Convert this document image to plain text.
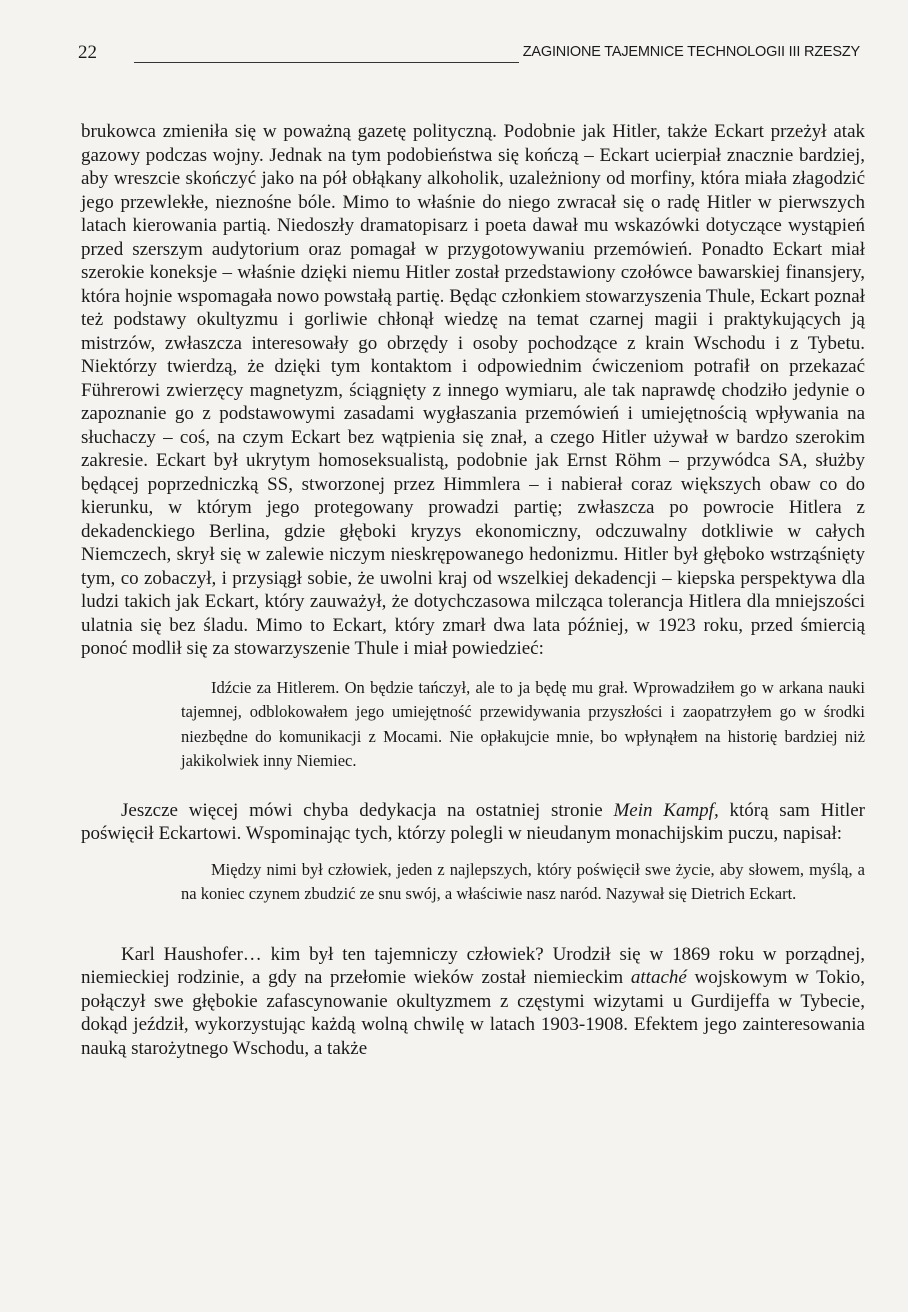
22	ZAGINIONE TAJEMNICE TECHNOLOGII III RZESZY

brukowca zmieniła się w poważną gazetę polityczną. Podobnie jak Hitler, także Eckart przeżył atak gazowy podczas wojny. Jednak na tym podobieństwa się kończą – Eckart ucierpiał znacznie bardziej, aby wreszcie skończyć jako na pół obłąkany alkoholik, uzależniony od morfiny, która miała złagodzić jego przewlekłe, nieznośne bóle. Mimo to właśnie do niego zwracał się o radę Hitler w pierwszych latach kierowania partią. Niedoszły dramatopisarz i poeta dawał mu wskazówki dotyczące wystąpień przed szerszym audytorium oraz pomagał w przygotowywaniu przemówień. Ponadto Eckart miał szerokie koneksje – właśnie dzięki niemu Hitler został przedstawiony czołówce bawarskiej finansjery, która hojnie wspomagała nowo powstałą partię. Będąc członkiem stowarzyszenia Thule, Eckart poznał też podstawy okultyzmu i gorliwie chłonął wiedzę na temat czarnej magii i praktykujących ją mistrzów, zwłaszcza interesowały go obrzędy i osoby pochodzące z krain Wschodu i z Tybetu. Niektórzy twierdzą, że dzięki tym kontaktom i odpowiednim ćwiczeniom potrafił on przekazać Führerowi zwierzęcy magnetyzm, ściągnięty z innego wymiaru, ale tak naprawdę chodziło jedynie o zapoznanie go z podstawowymi zasadami wygłaszania przemówień i umiejętnością wpływania na słuchaczy – coś, na czym Eckart bez wątpienia się znał, a czego Hitler używał w bardzo szerokim zakresie. Eckart był ukrytym homoseksualistą, podobnie jak Ernst Röhm – przywódca SA, służby będącej poprzedniczką SS, stworzonej przez Himmlera – i nabierał coraz większych obaw co do kierunku, w którym jego protegowany prowadzi partię; zwłaszcza po powrocie Hitlera z dekadenckiego Berlina, gdzie głęboki kryzys ekonomiczny, odczuwalny dotkliwie w całych Niemczech, skrył się w zalewie niczym nieskrępowanego hedonizmu. Hitler był głęboko wstrząśnięty tym, co zobaczył, i przysiągł sobie, że uwolni kraj od wszelkiej dekadencji – kiepska perspektywa dla ludzi takich jak Eckart, który zauważył, że dotychczasowa milcząca tolerancja Hitlera dla mniejszości ulatnia się bez śladu. Mimo to Eckart, który zmarł dwa lata później, w 1923 roku, przed śmiercią ponoć modlił się za stowarzyszenie Thule i miał powiedzieć:

Idźcie za Hitlerem. On będzie tańczył, ale to ja będę mu grał. Wprowadziłem go w arkana nauki tajemnej, odblokowałem jego umiejętność przewidywania przyszłości i zaopatrzyłem go w środki niezbędne do komunikacji z Mocami. Nie opłakujcie mnie, bo wpłynąłem na historię bardziej niż jakikolwiek inny Niemiec.

Jeszcze więcej mówi chyba dedykacja na ostatniej stronie Mein Kampf, którą sam Hitler poświęcił Eckartowi. Wspominając tych, którzy polegli w nieudanym monachijskim puczu, napisał:

Między nimi był człowiek, jeden z najlepszych, który poświęcił swe życie, aby słowem, myślą, a na koniec czynem zbudzić ze snu swój, a właściwie nasz naród. Nazywał się Dietrich Eckart.

Karl Haushofer… kim był ten tajemniczy człowiek? Urodził się w 1869 roku w porządnej, niemieckiej rodzinie, a gdy na przełomie wieków został niemieckim attaché wojskowym w Tokio, połączył swe głębokie zafascynowanie okultyzmem z częstymi wizytami u Gurdijeffa w Tybecie, dokąd jeździł, wykorzystując każdą wolną chwilę w latach 1903-1908. Efektem jego zainteresowania nauką starożytnego Wschodu, a także
